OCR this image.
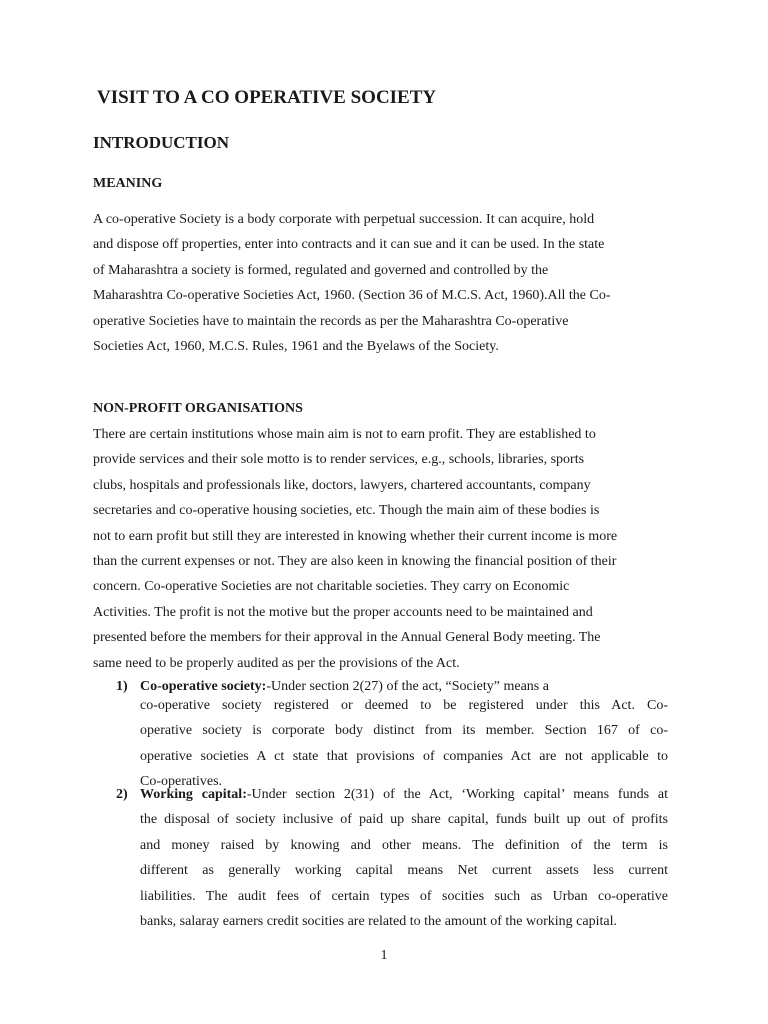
VISIT TO A CO OPERATIVE SOCIETY
INTRODUCTION
MEANING
A co-operative Society is a body corporate with perpetual succession. It can acquire, hold
and dispose off properties, enter into contracts and it can sue and it can be used. In the state
of Maharashtra a society is formed, regulated and governed and controlled by the
Maharashtra Co-operative Societies Act, 1960. (Section 36 of M.C.S. Act, 1960).All the Co-
operative Societies have to maintain the records as per the Maharashtra Co-operative
Societies Act, 1960, M.C.S. Rules, 1961 and the Byelaws of the Society.
NON-PROFIT ORGANISATIONS
There are certain institutions whose main aim is not to earn profit. They are established to
provide services and their sole motto is to render services, e.g., schools, libraries, sports
clubs, hospitals and professionals like, doctors, lawyers, chartered accountants, company
secretaries and co-operative housing societies, etc. Though the main aim of these bodies is
not to earn profit but still they are interested in knowing whether their current income is more
than the current expenses or not. They are also keen in knowing the financial position of their
concern. Co-operative Societies are not charitable societies. They carry on Economic
Activities. The profit is not the motive but the proper accounts need to be maintained and
presented before the members for their approval in the Annual General Body meeting. The
same need to be properly audited as per the provisions of the Act.
1) Co-operative society:-Under section 2(27) of the act, “Society” means a
co-operative society registered or deemed to be registered under this Act. Co-
operative society is corporate body distinct from its member. Section 167 of co-
operative societies A ct state that provisions of companies Act are not applicable to
Co-operatives.
2) Working capital:-Under section 2(31) of the Act, ‘Working capital’ means funds at
the disposal of society inclusive of paid up share capital, funds built up out of profits
and money raised by knowing and other means. The definition of the term is
different as generally working capital means Net current assets less current
liabilities. The audit fees of certain types of socities such as Urban co-operative
banks, salaray earners credit socities are related to the amount of the working capital.
1
